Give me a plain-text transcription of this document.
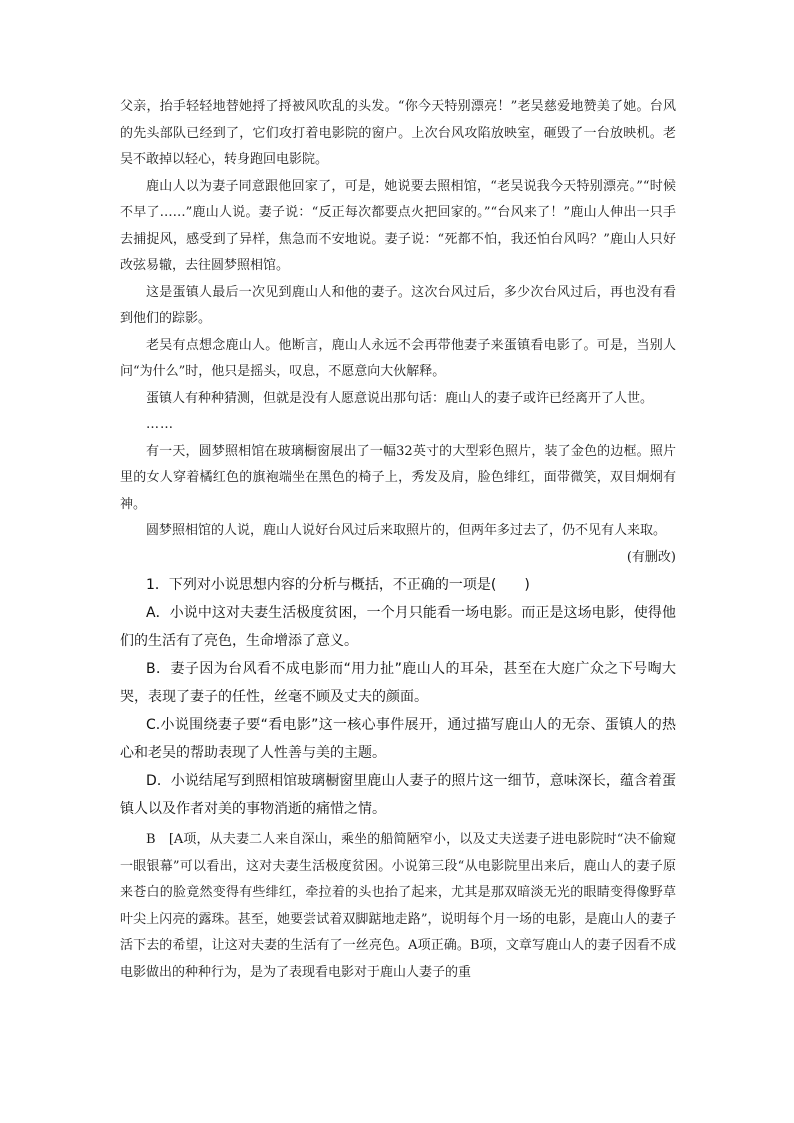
父亲，抬手轻轻地替她捋了捋被风吹乱的头发。“你今天特别漂亮！”老吴慈爱地赞美了她。台风的先头部队已经到了，它们攻打着电影院的窗户。上次台风攻陷放映室，砸毁了一台放映机。老吴不敢掉以轻心，转身跑回电影院。

鹿山人以为妻子同意跟他回家了，可是，她说要去照相馆，“老吴说我今天特别漂亮。”“时候不早了……”鹿山人说。妻子说：“反正每次都要点火把回家的。”“台风来了！”鹿山人伸出一只手去捕捉风，感受到了异样，焦急而不安地说。妻子说：“死都不怕，我还怕台风吗？”鹿山人只好改弦易辙，去往圆梦照相馆。

这是蛋镇人最后一次见到鹿山人和他的妻子。这次台风过后，多少次台风过后，再也没有看到他们的踪影。

老吴有点想念鹿山人。他断言，鹿山人永远不会再带他妻子来蛋镇看电影了。可是，当别人问“为什么”时，他只是摇头，叹息，不愿意向大伙解释。

蛋镇人有种种猜测，但就是没有人愿意说出那句话：鹿山人的妻子或许已经离开了人世。

……

有一天，圆梦照相馆在玻璃橱窗展出了一幅32英寸的大型彩色照片，装了金色的边框。照片里的女人穿着橘红色的旗袍端坐在黑色的椅子上，秀发及肩，脸色绯红，面带微笑，双目炯炯有神。

圆梦照相馆的人说，鹿山人说好台风过后来取照片的，但两年多过去了，仍不见有人来取。

(有删改)

1．下列对小说思想内容的分析与概括，不正确的一项是(　　)

A．小说中这对夫妻生活极度贫困，一个月只能看一场电影。而正是这场电影，使得他们的生活有了亮色，生命增添了意义。

B．妻子因为台风看不成电影而“用力扯”鹿山人的耳朵，甚至在大庭广众之下号啕大哭，表现了妻子的任性，丝毫不顾及丈夫的颜面。

C.小说围绕妻子要“看电影”这一核心事件展开，通过描写鹿山人的无奈、蛋镇人的热心和老吴的帮助表现了人性善与美的主题。

D．小说结尾写到照相馆玻璃橱窗里鹿山人妻子的照片这一细节，意味深长，蕴含着蛋镇人以及作者对美的事物消逝的痛惜之情。

B　[A项，从夫妻二人来自深山，乘坐的船简陋窄小，以及丈夫送妻子进电影院时“决不偷窥一眼银幕”可以看出，这对夫妻生活极度贫困。小说第三段“从电影院里出来后，鹿山人的妻子原来苍白的脸竟然变得有些绯红，牵拉着的头也抬了起来，尤其是那双暗淡无光的眼睛变得像野草叶尖上闪亮的露珠。甚至，她要尝试着双脚踮地走路”，说明每个月一场的电影，是鹿山人的妻子活下去的希望，让这对夫妻的生活有了一丝亮色。A项正确。B项，文章写鹿山人的妻子因看不成电影做出的种种行为，是为了表现看电影对于鹿山人妻子的重
